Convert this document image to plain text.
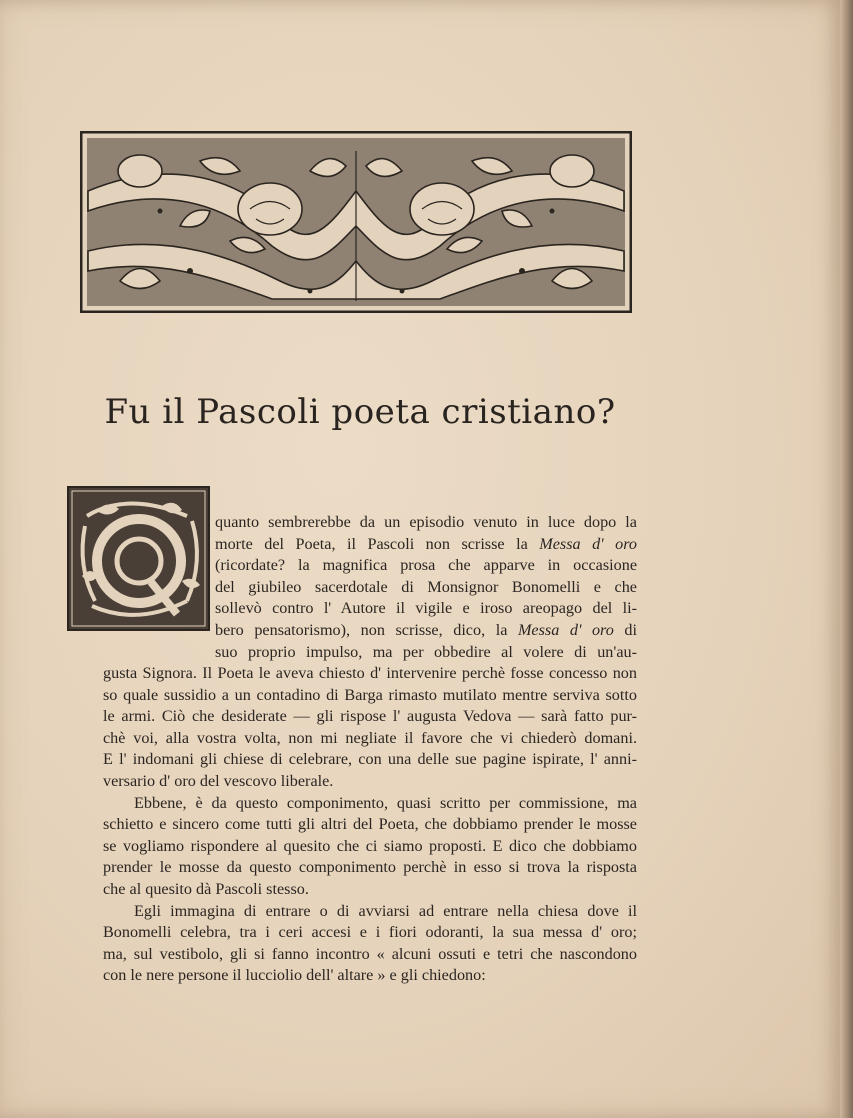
Fu il Pascoli poeta cristiano?
quanto sembrerebbe da un episodio venuto in luce dopo la
morte del Poeta, il Pascoli non scrisse la Messa d' oro
(ricordate? la magnifica prosa che apparve in occasione
del giubileo sacerdotale di Monsignor Bonomelli e che
sollevò contro l' Autore il vigile e iroso areopago del li-
bero pensatorismo), non scrisse, dico, la Messa d' oro di
suo proprio impulso, ma per obbedire al volere di un'au-
gusta Signora. Il Poeta le aveva chiesto d' intervenire perchè fosse concesso non
so quale sussidio a un contadino di Barga rimasto mutilato mentre serviva sotto
le armi. Ciò che desiderate — gli rispose l' augusta Vedova — sarà fatto pur-
chè voi, alla vostra volta, non mi negliate il favore che vi chiederò domani.
E l' indomani gli chiese di celebrare, con una delle sue pagine ispirate, l' anni-
versario d' oro del vescovo liberale.
Ebbene, è da questo componimento, quasi scritto per commissione, ma
schietto e sincero come tutti gli altri del Poeta, che dobbiamo prender le mosse
se vogliamo rispondere al quesito che ci siamo proposti. E dico che dobbiamo
prender le mosse da questo componimento perchè in esso si trova la risposta
che al quesito dà Pascoli stesso.
Egli immagina di entrare o di avviarsi ad entrare nella chiesa dove il
Bonomelli celebra, tra i ceri accesi e i fiori odoranti, la sua messa d' oro;
ma, sul vestibolo, gli si fanno incontro « alcuni ossuti e tetri che nascondono
con le nere persone il lucciolio dell' altare » e gli chiedono:
